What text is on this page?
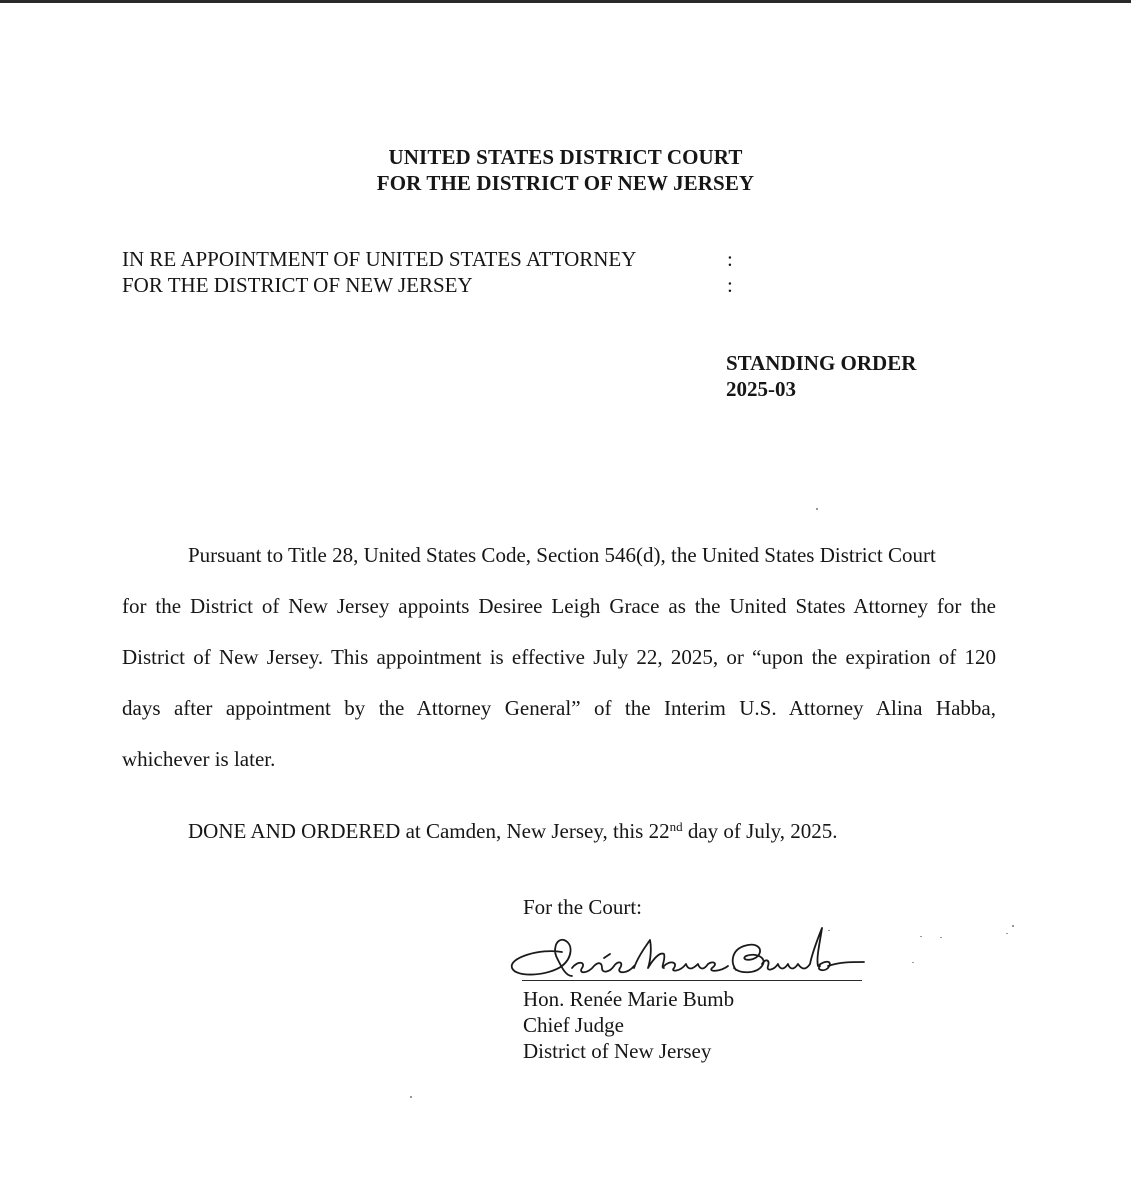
UNITED STATES DISTRICT COURT
FOR THE DISTRICT OF NEW JERSEY
IN RE APPOINTMENT OF UNITED STATES ATTORNEY
FOR THE DISTRICT OF NEW JERSEY
:
:
STANDING ORDER
2025-03
Pursuant to Title 28, United States Code, Section 546(d), the United States District Court
for the District of New Jersey appoints Desiree Leigh Grace as the United States Attorney for the
District of New Jersey. This appointment is effective July 22, 2025, or “upon the expiration of 120
days after appointment by the Attorney General” of the Interim U.S. Attorney Alina Habba,
whichever is later.
DONE AND ORDERED at Camden, New Jersey, this 22nd day of July, 2025.
For the Court:
Hon. Renée Marie Bumb
Chief Judge
District of New Jersey
